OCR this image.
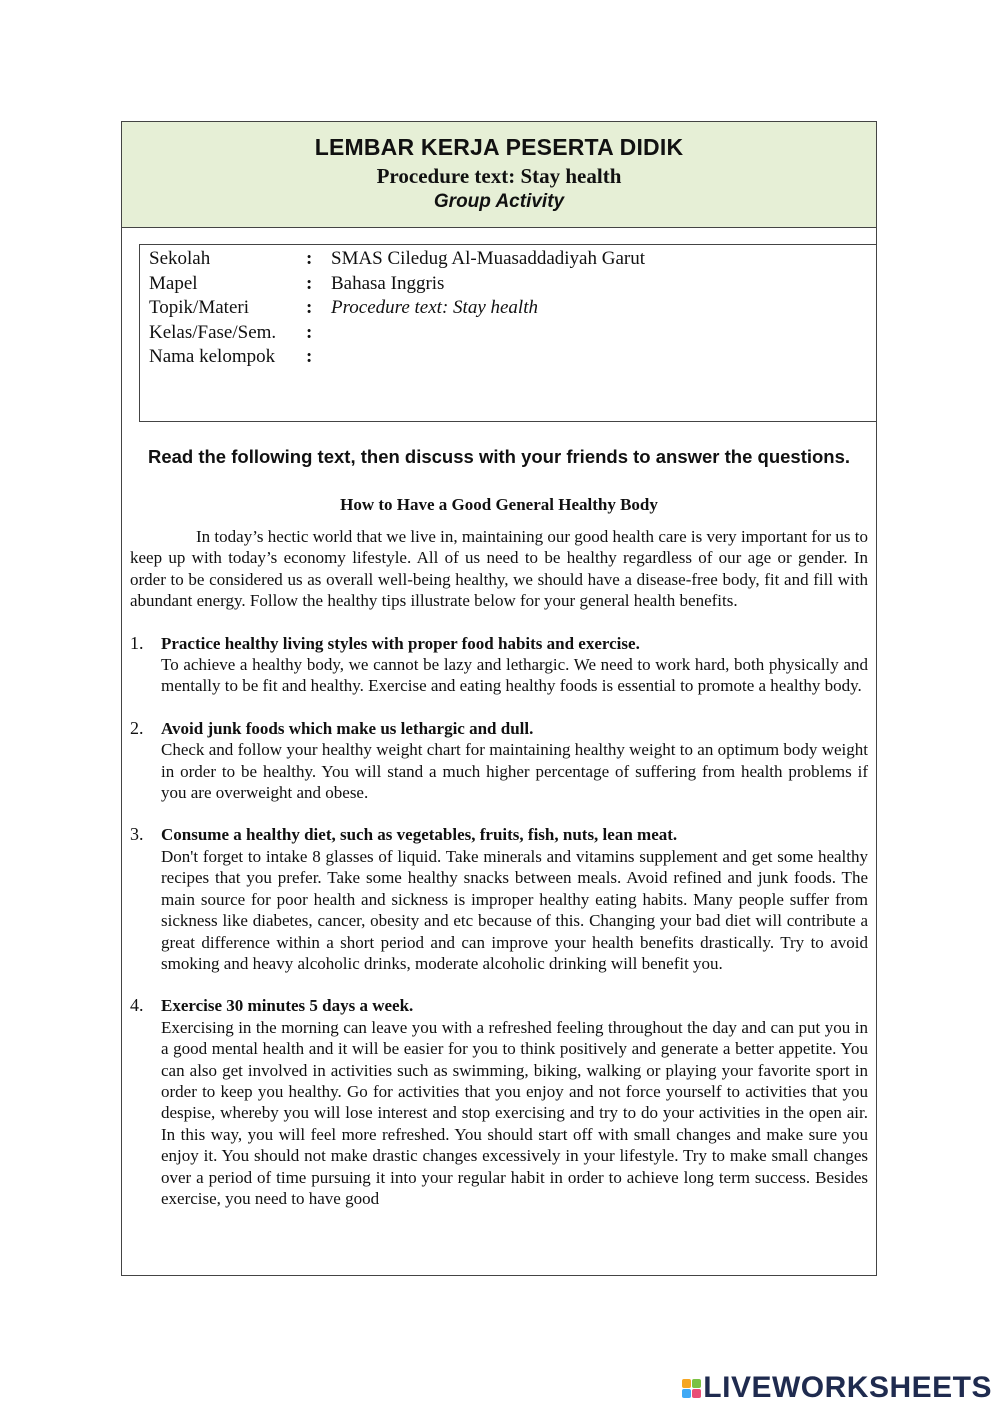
LEMBAR KERJA PESERTA DIDIK
Procedure text: Stay health
Group Activity
Sekolah	: SMAS Ciledug Al-Muasaddadiyah Garut
Mapel	: Bahasa Inggris
Topik/Materi	: Procedure text: Stay health
Kelas/Fase/Sem.	:
Nama kelompok	:
Read the following text, then discuss with your friends to answer the questions.
How to Have a Good General Healthy Body

In today’s hectic world that we live in, maintaining our good health care is very important for us to keep up with today’s economy lifestyle. All of us need to be healthy regardless of our age or gender. In order to be considered us as overall well-being healthy, we should have a disease-free body, fit and fill with abundant energy. Follow the healthy tips illustrate below for your general health benefits.

1.	Practice healthy living styles with proper food habits and exercise.
To achieve a healthy body, we cannot be lazy and lethargic. We need to work hard, both physically and mentally to be fit and healthy. Exercise and eating healthy foods is essential to promote a healthy body.
2.	Avoid junk foods which make us lethargic and dull.
Check and follow your healthy weight chart for maintaining healthy weight to an optimum body weight in order to be healthy. You will stand a much higher percentage of suffering from health problems if you are overweight and obese.
3.	Consume a healthy diet, such as vegetables, fruits, fish, nuts, lean meat.
Don't forget to intake 8 glasses of liquid. Take minerals and vitamins supplement and get some healthy recipes that you prefer. Take some healthy snacks between meals. Avoid refined and junk foods. The main source for poor health and sickness is improper healthy eating habits. Many people suffer from sickness like diabetes, cancer, obesity and etc because of this. Changing your bad diet will contribute a great difference within a short period and can improve your health benefits drastically. Try to avoid smoking and heavy alcoholic drinks, moderate alcoholic drinking will benefit you.
4.	Exercise 30 minutes 5 days a week.
Exercising in the morning can leave you with a refreshed feeling throughout the day and can put you in a good mental health and it will be easier for you to think positively and generate a better appetite. You can also get involved in activities such as swimming, biking, walking or playing your favorite sport in order to keep you healthy. Go for activities that you enjoy and not force yourself to activities that you despise, whereby you will lose interest and stop exercising and try to do your activities in the open air. In this way, you will feel more refreshed. You should start off with small changes and make sure you enjoy it. You should not make drastic changes excessively in your lifestyle. Try to make small changes over a period of time pursuing it into your regular habit in order to achieve long term success. Besides exercise, you need to have good
LIVEWORKSHEETS
